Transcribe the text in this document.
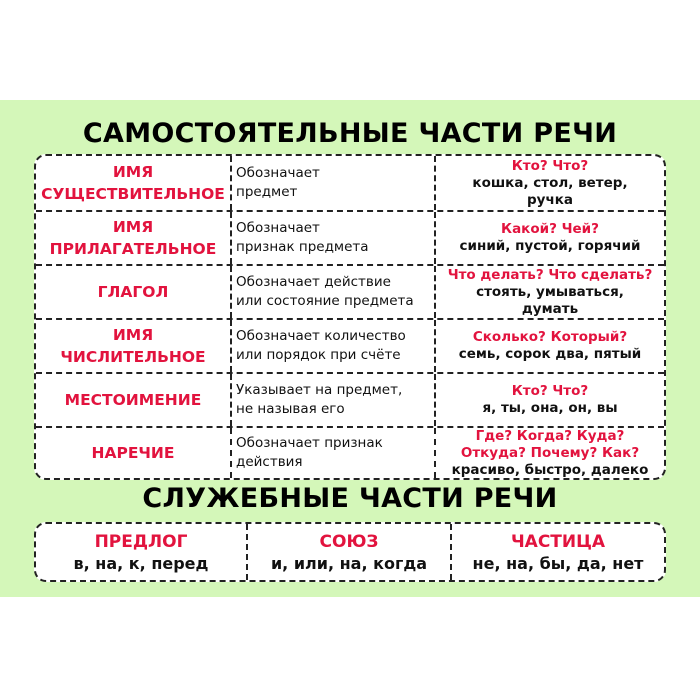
САМОСТОЯТЕЛЬНЫЕ ЧАСТИ РЕЧИ
ИМЯ
СУЩЕСТВИТЕЛЬНОЕ
Обозначает
предмет
Кто? Что?
кошка, стол, ветер,
ручка
ИМЯ
ПРИЛАГАТЕЛЬНОЕ
Обозначает
признак предмета
Какой? Чей?
синий, пустой, горячий
ГЛАГОЛ
Обозначает действие
или состояние предмета
Что делать? Что сделать?
стоять, умываться,
думать
ИМЯ
ЧИСЛИТЕЛЬНОЕ
Обозначает количество
или порядок при счёте
Сколько? Который?
семь, сорок два, пятый
МЕСТОИМЕНИЕ
Указывает на предмет,
не называя его
Кто? Что?
я, ты, она, он, вы
НАРЕЧИЕ
Обозначает признак
действия
Где? Когда? Куда?
Откуда? Почему? Как?
красиво, быстро, далеко
СЛУЖЕБНЫЕ ЧАСТИ РЕЧИ
ПРЕДЛОГ
в, на, к, перед
СОЮЗ
и, или, на, когда
ЧАСТИЦА
не, на, бы, да, нет
